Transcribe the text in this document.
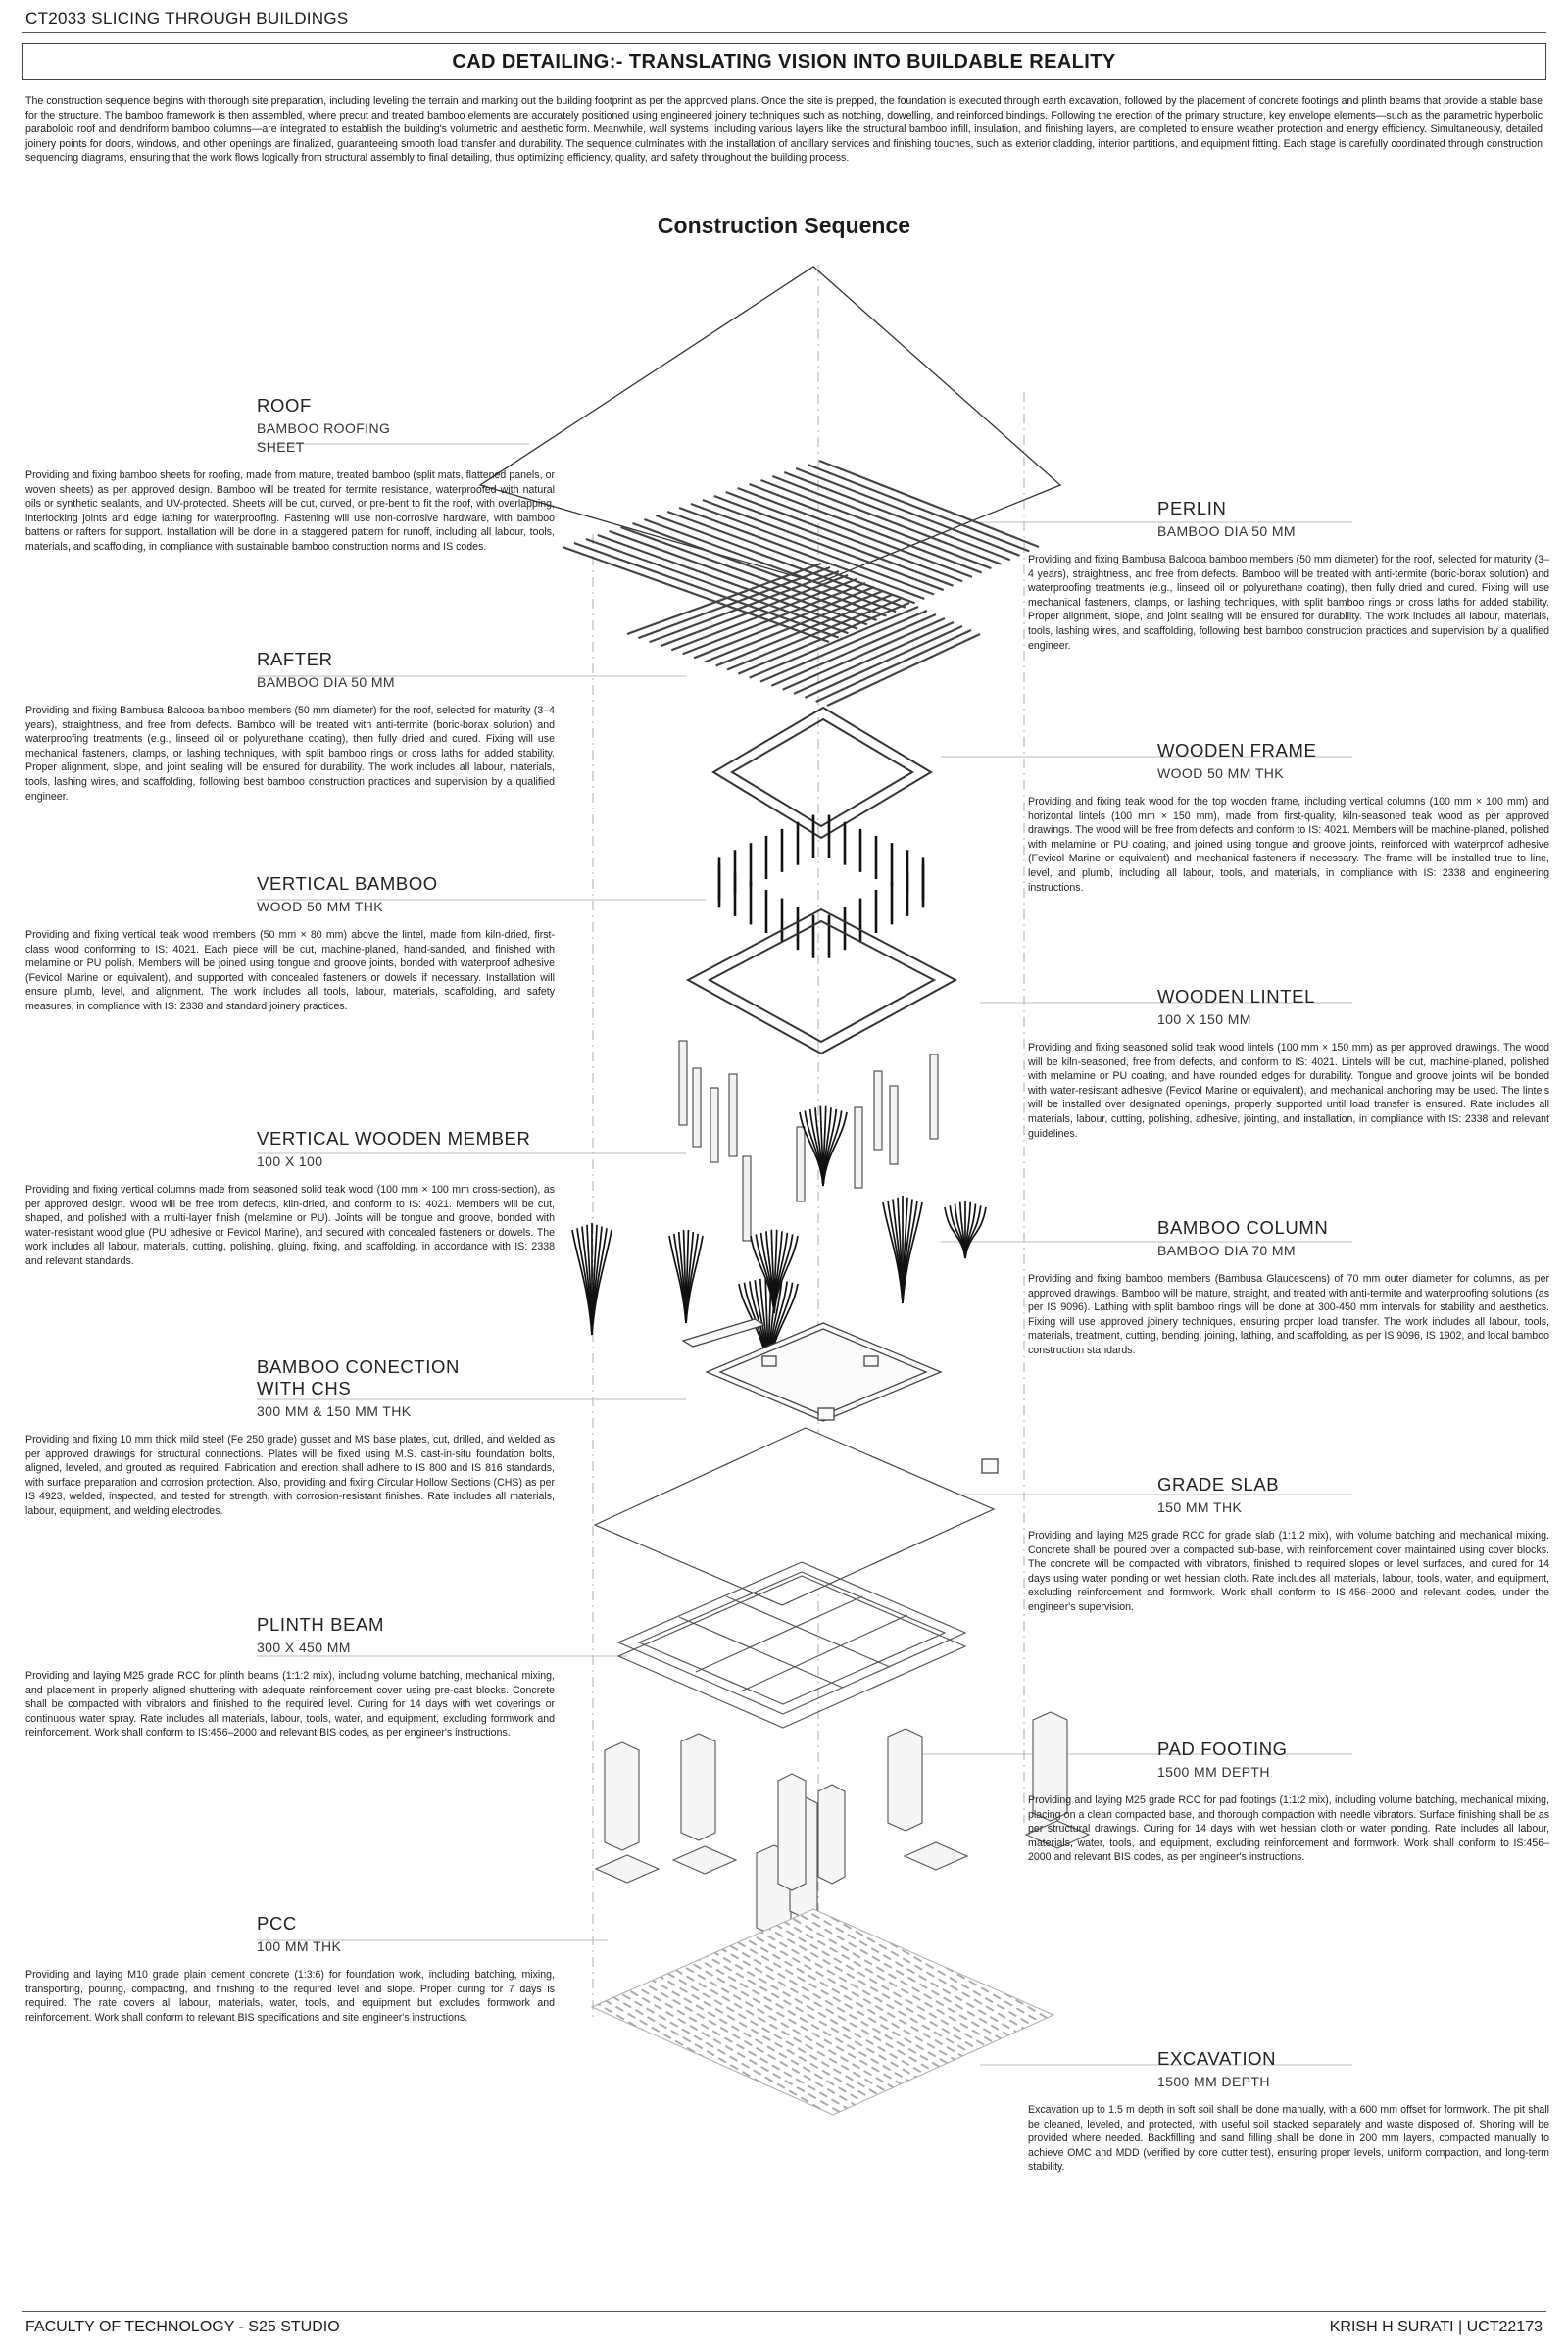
CT2033 SLICING THROUGH BUILDINGS
CAD DETAILING:- TRANSLATING VISION INTO BUILDABLE REALITY
The construction sequence begins with thorough site preparation, including leveling the terrain and marking out the building footprint as per the approved plans. Once the site is prepped, the foundation is executed through earth excavation, followed by the placement of concrete footings and plinth beams that provide a stable base for the structure. The bamboo framework is then assembled, where precut and treated bamboo elements are accurately positioned using engineered joinery techniques such as notching, dowelling, and reinforced bindings. Following the erection of the primary structure, key envelope elements—such as the parametric hyperbolic paraboloid roof and dendriform bamboo columns—are integrated to establish the building's volumetric and aesthetic form. Meanwhile, wall systems, including various layers like the structural bamboo infill, insulation, and finishing layers, are completed to ensure weather protection and energy efficiency. Simultaneously, detailed joinery points for doors, windows, and other openings are finalized, guaranteeing smooth load transfer and durability. The sequence culminates with the installation of ancillary services and finishing touches, such as exterior cladding, interior partitions, and equipment fitting. Each stage is carefully coordinated through construction sequencing diagrams, ensuring that the work flows logically from structural assembly to final detailing, thus optimizing efficiency, quality, and safety throughout the building process.
Construction Sequence
ROOF
BAMBOO ROOFING
SHEET
Providing and fixing bamboo sheets for roofing, made from mature, treated bamboo (split mats, flattened panels, or woven sheets) as per approved design. Bamboo will be treated for termite resistance, waterproofed with natural oils or synthetic sealants, and UV-protected. Sheets will be cut, curved, or pre-bent to fit the roof, with overlapping, interlocking joints and edge lathing for waterproofing. Fastening will use non-corrosive hardware, with bamboo battens or rafters for support. Installation will be done in a staggered pattern for runoff, including all labour, tools, materials, and scaffolding, in compliance with sustainable bamboo construction norms and IS codes.
RAFTER
BAMBOO DIA 50 MM
Providing and fixing Bambusa Balcooa bamboo members (50 mm diameter) for the roof, selected for maturity (3–4 years), straightness, and free from defects. Bamboo will be treated with anti-termite (boric-borax solution) and waterproofing treatments (e.g., linseed oil or polyurethane coating), then fully dried and cured. Fixing will use mechanical fasteners, clamps, or lashing techniques, with split bamboo rings or cross laths for added stability. Proper alignment, slope, and joint sealing will be ensured for durability. The work includes all labour, materials, tools, lashing wires, and scaffolding, following best bamboo construction practices and supervision by a qualified engineer.
VERTICAL BAMBOO
WOOD 50 MM THK
Providing and fixing vertical teak wood members (50 mm × 80 mm) above the lintel, made from kiln-dried, first-class wood conforming to IS: 4021. Each piece will be cut, machine-planed, hand-sanded, and finished with melamine or PU polish. Members will be joined using tongue and groove joints, bonded with waterproof adhesive (Fevicol Marine or equivalent), and supported with concealed fasteners or dowels if necessary. Installation will ensure plumb, level, and alignment. The work includes all tools, labour, materials, scaffolding, and safety measures, in compliance with IS: 2338 and standard joinery practices.
VERTICAL WOODEN MEMBER
100 X 100
Providing and fixing vertical columns made from seasoned solid teak wood (100 mm × 100 mm cross-section), as per approved design. Wood will be free from defects, kiln-dried, and conform to IS: 4021. Members will be cut, shaped, and polished with a multi-layer finish (melamine or PU). Joints will be tongue and groove, bonded with water-resistant wood glue (PU adhesive or Fevicol Marine), and secured with concealed fasteners or dowels. The work includes all labour, materials, cutting, polishing, gluing, fixing, and scaffolding, in accordance with IS: 2338 and relevant standards.
BAMBOO CONECTION
WITH CHS
300 MM & 150 MM THK
Providing and fixing 10 mm thick mild steel (Fe 250 grade) gusset and MS base plates, cut, drilled, and welded as per approved drawings for structural connections. Plates will be fixed using M.S. cast-in-situ foundation bolts, aligned, leveled, and grouted as required. Fabrication and erection shall adhere to IS 800 and IS 816 standards, with surface preparation and corrosion protection. Also, providing and fixing Circular Hollow Sections (CHS) as per IS 4923, welded, inspected, and tested for strength, with corrosion-resistant finishes. Rate includes all materials, labour, equipment, and welding electrodes.
PLINTH BEAM
300 X 450 MM
Providing and laying M25 grade RCC for plinth beams (1:1:2 mix), including volume batching, mechanical mixing, and placement in properly aligned shuttering with adequate reinforcement cover using pre-cast blocks. Concrete shall be compacted with vibrators and finished to the required level. Curing for 14 days with wet coverings or continuous water spray. Rate includes all materials, labour, tools, water, and equipment, excluding formwork and reinforcement. Work shall conform to IS:456–2000 and relevant BIS codes, as per engineer's instructions.
PCC
100 MM THK
Providing and laying M10 grade plain cement concrete (1:3:6) for foundation work, including batching, mixing, transporting, pouring, compacting, and finishing to the required level and slope. Proper curing for 7 days is required. The rate covers all labour, materials, water, tools, and equipment but excludes formwork and reinforcement. Work shall conform to relevant BIS specifications and site engineer's instructions.
PERLIN
BAMBOO DIA 50 MM
Providing and fixing Bambusa Balcooa bamboo members (50 mm diameter) for the roof, selected for maturity (3–4 years), straightness, and free from defects. Bamboo will be treated with anti-termite (boric-borax solution) and waterproofing treatments (e.g., linseed oil or polyurethane coating), then fully dried and cured. Fixing will use mechanical fasteners, clamps, or lashing techniques, with split bamboo rings or cross laths for added stability. Proper alignment, slope, and joint sealing will be ensured for durability. The work includes all labour, materials, tools, lashing wires, and scaffolding, following best bamboo construction practices and supervision by a qualified engineer.
WOODEN FRAME
WOOD 50 MM THK
Providing and fixing teak wood for the top wooden frame, including vertical columns (100 mm × 100 mm) and horizontal lintels (100 mm × 150 mm), made from first-quality, kiln-seasoned teak wood as per approved drawings. The wood will be free from defects and conform to IS: 4021. Members will be machine-planed, polished with melamine or PU coating, and joined using tongue and groove joints, reinforced with waterproof adhesive (Fevicol Marine or equivalent) and mechanical fasteners if necessary. The frame will be installed true to line, level, and plumb, including all labour, tools, and materials, in compliance with IS: 2338 and engineering instructions.
WOODEN LINTEL
100 X 150 MM
Providing and fixing seasoned solid teak wood lintels (100 mm × 150 mm) as per approved drawings. The wood will be kiln-seasoned, free from defects, and conform to IS: 4021. Lintels will be cut, machine-planed, polished with melamine or PU coating, and have rounded edges for durability. Tongue and groove joints will be bonded with water-resistant adhesive (Fevicol Marine or equivalent), and mechanical anchoring may be used. The lintels will be installed over designated openings, properly supported until load transfer is ensured. Rate includes all materials, labour, cutting, polishing, adhesive, jointing, and installation, in compliance with IS: 2338 and relevant guidelines.
BAMBOO COLUMN
BAMBOO DIA 70 MM
Providing and fixing bamboo members (Bambusa Glaucescens) of 70 mm outer diameter for columns, as per approved drawings. Bamboo will be mature, straight, and treated with anti-termite and waterproofing solutions (as per IS 9096). Lathing with split bamboo rings will be done at 300-450 mm intervals for stability and aesthetics. Fixing will use approved joinery techniques, ensuring proper load transfer. The work includes all labour, tools, materials, treatment, cutting, bending, joining, lathing, and scaffolding, as per IS 9096, IS 1902, and local bamboo construction standards.
GRADE SLAB
150 MM THK
Providing and laying M25 grade RCC for grade slab (1:1:2 mix), with volume batching and mechanical mixing. Concrete shall be poured over a compacted sub-base, with reinforcement cover maintained using cover blocks. The concrete will be compacted with vibrators, finished to required slopes or level surfaces, and cured for 14 days using water ponding or wet hessian cloth. Rate includes all materials, labour, tools, water, and equipment, excluding reinforcement and formwork. Work shall conform to IS:456–2000 and relevant codes, under the engineer's supervision.
PAD FOOTING
1500 MM DEPTH
Providing and laying M25 grade RCC for pad footings (1:1:2 mix), including volume batching, mechanical mixing, placing on a clean compacted base, and thorough compaction with needle vibrators. Surface finishing shall be as per structural drawings. Curing for 14 days with wet hessian cloth or water ponding. Rate includes all labour, materials, water, tools, and equipment, excluding reinforcement and formwork. Work shall conform to IS:456–2000 and relevant BIS codes, as per engineer's instructions.
EXCAVATION
1500 MM DEPTH
Excavation up to 1.5 m depth in soft soil shall be done manually, with a 600 mm offset for formwork. The pit shall be cleaned, leveled, and protected, with useful soil stacked separately and waste disposed of. Shoring will be provided where needed. Backfilling and sand filling shall be done in 200 mm layers, compacted manually to achieve OMC and MDD (verified by core cutter test), ensuring proper levels, uniform compaction, and long-term stability.
FACULTY OF TECHNOLOGY - S25 STUDIO	KRISH H SURATI | UCT22173
